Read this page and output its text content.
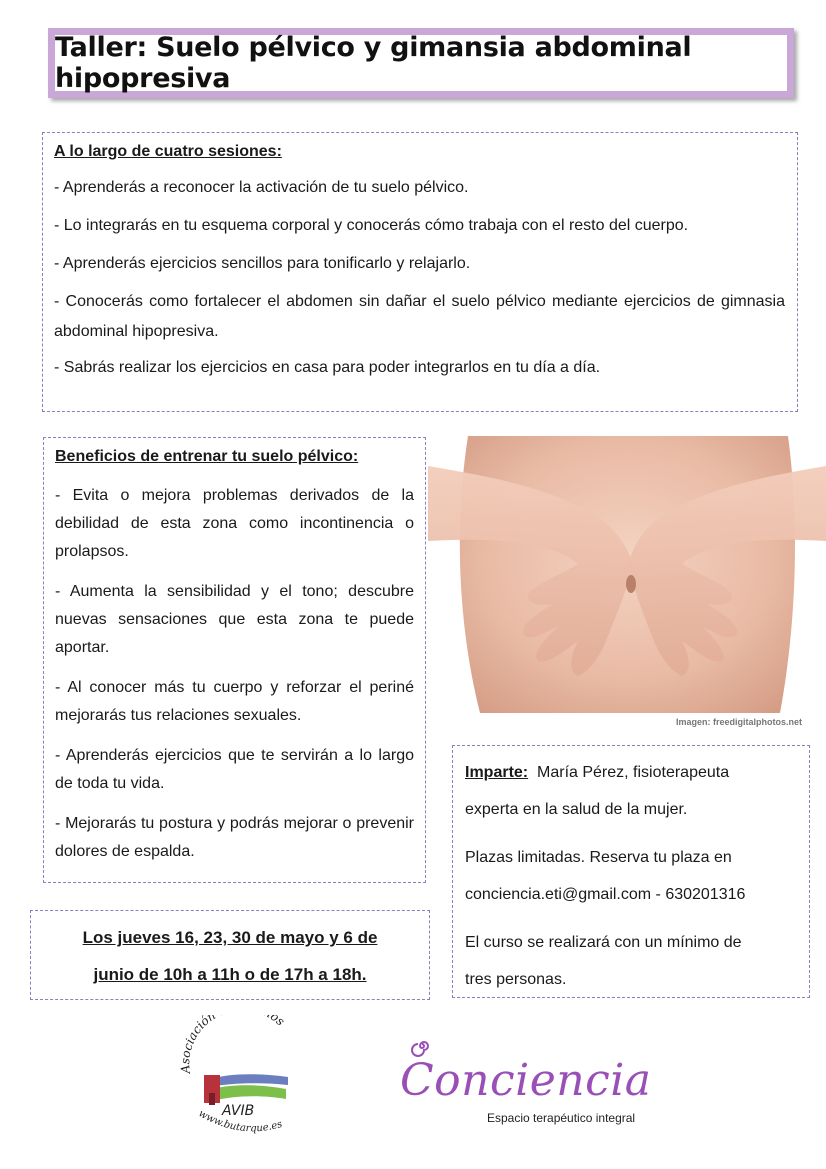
Taller: Suelo pélvico y gimansia abdominal hipopresiva
A lo largo de cuatro sesiones:
- Aprenderás a reconocer la activación de tu suelo pélvico.
- Lo integrarás en tu esquema corporal y conocerás cómo trabaja con el resto del cuerpo.
- Aprenderás ejercicios sencillos para tonificarlo y relajarlo.
- Conocerás como fortalecer el abdomen sin dañar el suelo pélvico mediante ejercicios de gimnasia abdominal hipopresiva.
- Sabrás realizar los ejercicios en casa para poder integrarlos en tu día a día.
Beneficios de entrenar tu suelo pélvico:
- Evita o mejora problemas derivados de la debilidad de esta zona como incontinencia o prolapsos.
- Aumenta la sensibilidad y el tono; descubre nuevas sensaciones que esta zona te puede aportar.
- Al conocer más tu cuerpo y reforzar el periné mejorarás tus relaciones sexuales.
- Aprenderás ejercicios que te servirán a lo largo de toda tu vida.
- Mejorarás tu postura y podrás mejorar o prevenir dolores de espalda.
Imagen: freedigitalphotos.net
Los jueves 16, 23, 30 de mayo y 6 de
junio de 10h a 11h o de 17h a 18h.
Imparte: María Pérez, fisioterapeuta
experta en la salud de la mujer.
Plazas limitadas. Reserva tu plaza en
conciencia.eti@gmail.com - 630201316
El curso se realizará con un mínimo de
tres personas.
Asociación os
AVIB
www.butarque.es
Conciencia
Espacio terapéutico integral
